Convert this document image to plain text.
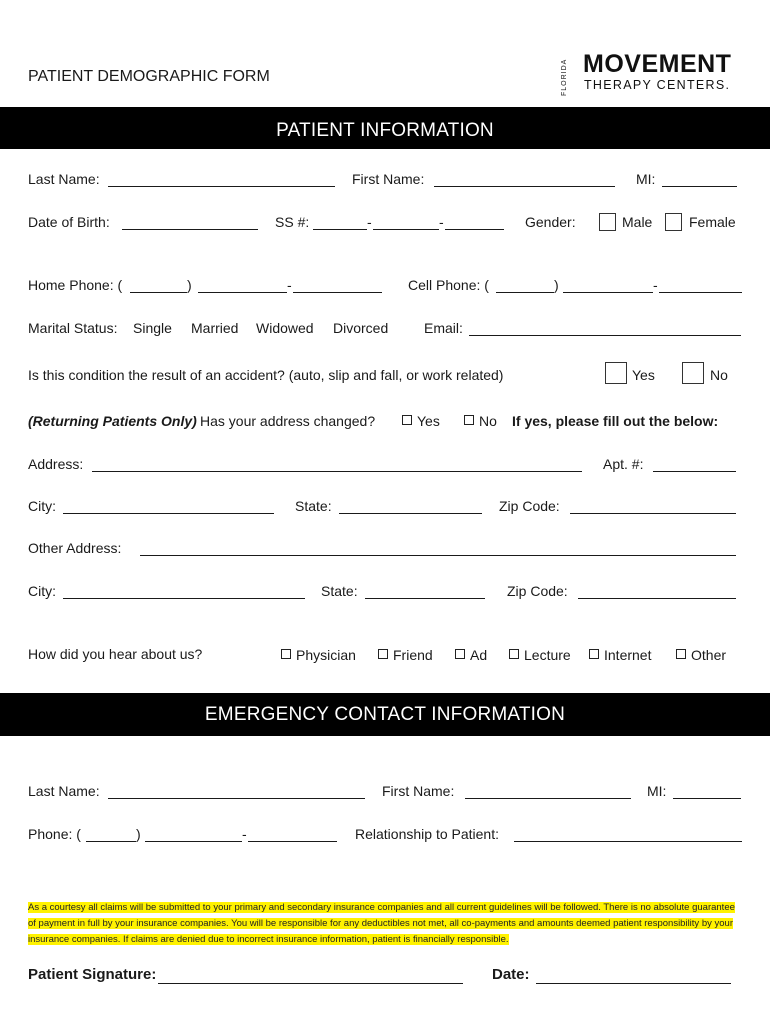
PATIENT DEMOGRAPHIC FORM	FLORIDA MOVEMENT
THERAPY CENTERS.
PATIENT INFORMATION
Last Name:	First Name:	MI:
Date of Birth:	SS #:	-	-	Gender:	Male	Female
Home Phone: (	)	-	Cell Phone: (	)	-
Marital Status: Single Married Widowed Divorced	Email:
Is this condition the result of an accident? (auto, slip and fall, or work related)	Yes	No
(Returning Patients Only) Has your address changed?	Yes	No If yes, please fill out the below:
Address:	Apt. #:
City:	State:	Zip Code:
Other Address:
City:	State:	Zip Code:
How did you hear about us?	Physician	Friend	Ad	Lecture	Internet	Other
EMERGENCY CONTACT INFORMATION
Last Name:	First Name:	MI:
Phone: (	)	-	Relationship to Patient:
As a courtesy all claims will be submitted to your primary and secondary insurance companies and all current guidelines will be followed. There is no absolute guarantee of payment in full by your insurance companies. You will be responsible for any deductibles not met, all co-payments and amounts deemed patient responsibility by your insurance companies. If claims are denied due to incorrect insurance information, patient is financially responsible.
Patient Signature:	Date:
